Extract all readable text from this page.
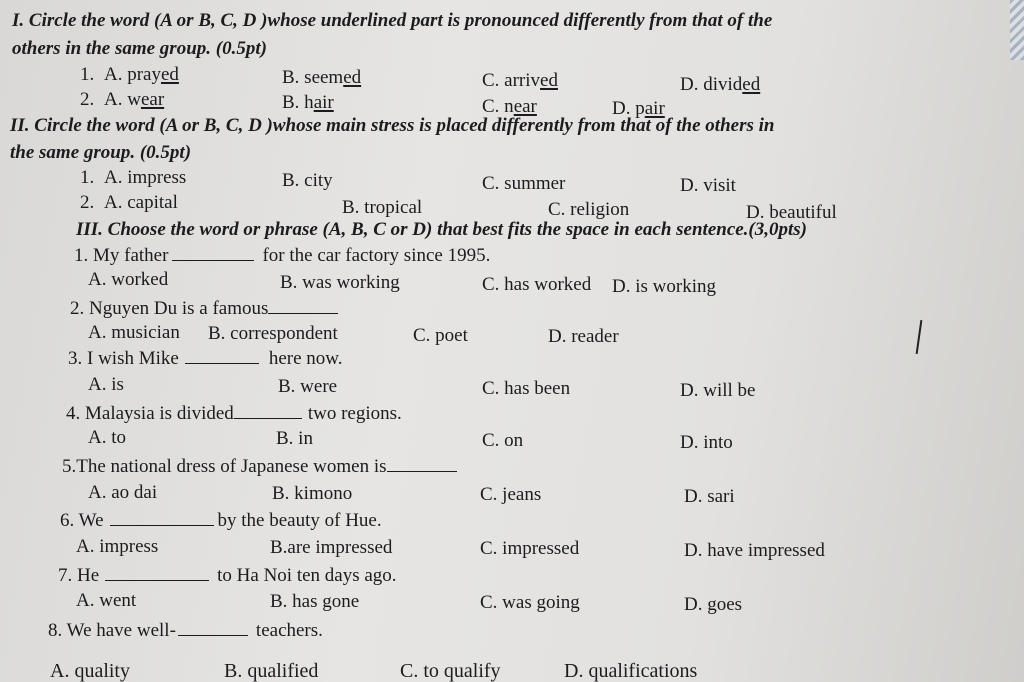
I. Circle the word (A or B, C, D )whose underlined part is pronounced differently from that of the
others in the same group. (0.5pt)
1. A. prayed	B. seemed	C. arrived	D. divided
2. A. wear	B. hair	C. near	D. pair
II. Circle the word (A or B, C, D )whose main stress is placed differently from that of the others in
the same group. (0.5pt)
1. A. impress	B. city	C. summer	D. visit
2. A. capital	B. tropical	C. religion	D. beautiful
III. Choose the word or phrase (A, B, C or D) that best fits the space in each sentence.(3,0pts)
1. My father	for the car factory since 1995.
A. worked	B. was working	C. has worked D. is working
2. Nguyen Du is a famous
A. musician B. correspondent	C. poet	D. reader
3. I wish Mike	here now.
A. is	B. were	C. has been	D. will be
4. Malaysia is divided	two regions.
A. to	B. in	C. on	D. into
5.The national dress of Japanese women is
A. ao dai	B. kimono	C. jeans	D. sari
6. We	by the beauty of Hue.
A. impress	B.are impressed	C. impressed	D. have impressed
7. He	to Ha Noi ten days ago.
A. went	B. has gone	C. was going	D. goes
8. We have well-	teachers.
A. quality	B. qualified	C. to qualify	D. qualifications
